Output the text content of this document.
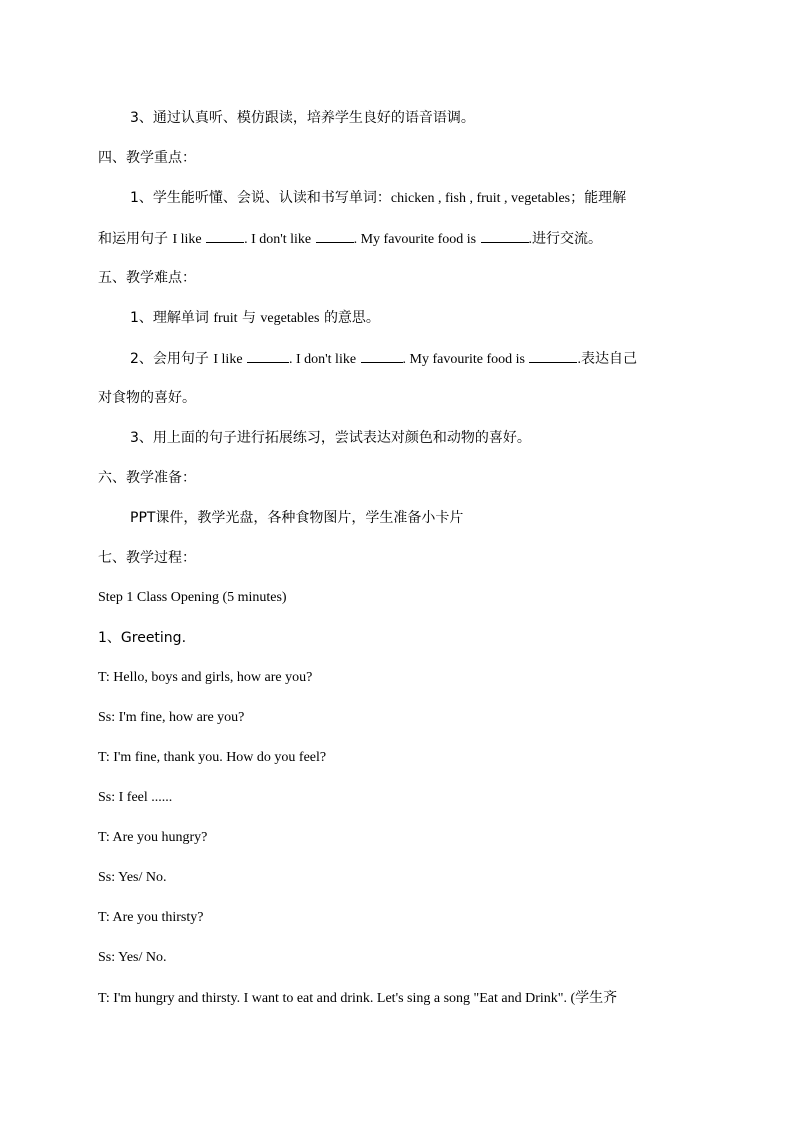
3、通过认真听、模仿跟读，培养学生良好的语音语调。
四、教学重点：
1、学生能听懂、会说、认读和书写单词：chicken , fish , fruit , vegetables；能理解
和运用句子 I like	. I don't like	. My favourite food is	.进行交流。
五、教学难点：
1、理解单词 fruit 与 vegetables 的意思。
2、会用句子 I like	. I don't like	. My favourite food is	.表达自己
对食物的喜好。
3、用上面的句子进行拓展练习，尝试表达对颜色和动物的喜好。
六、教学准备：
PPT课件，教学光盘，各种食物图片，学生准备小卡片
七、教学过程：
Step 1 Class Opening (5 minutes)
1、Greeting.
T: Hello, boys and girls, how are you?
Ss: I'm fine, how are you?
T: I'm fine, thank you. How do you feel?
Ss: I feel ......
T: Are you hungry?
Ss: Yes/ No.
T: Are you thirsty?
Ss: Yes/ No.
T: I'm hungry and thirsty. I want to eat and drink. Let's sing a song "Eat and Drink". (学生齐
